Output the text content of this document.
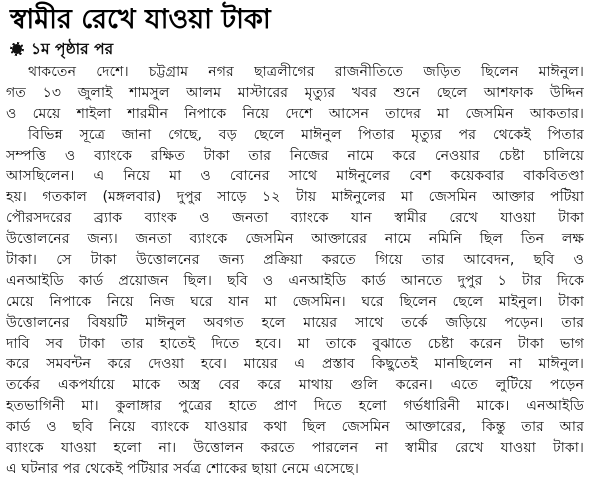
স্বামীর রেখে যাওয়া টাকা
১ম পৃষ্ঠার পর
থাকতেন দেশে। চট্টগ্রাম নগর ছাত্রলীগের রাজনীতিতে জড়িত ছিলেন মাঈনুল।
গত ১৩ জুলাই শামসুল আলম মাস্টারের মৃত্যুর খবর শুনে ছেলে আশফাক উদ্দিন
ও মেয়ে শাইলা শারমীন নিপাকে নিয়ে দেশে আসেন তাদের মা জেসমিন আকতার।
বিভিন্ন সূত্রে জানা গেছে, বড় ছেলে মাঈনুল পিতার মৃত্যুর পর থেকেই পিতার
সম্পত্তি ও ব্যাংকে রক্ষিত টাকা তার নিজের নামে করে নেওয়ার চেষ্টা চালিয়ে
আসছিলেন। এ নিয়ে মা ও বোনের সাথে মাঈনুলের বেশ কয়েকবার বাকবিতণ্ডা
হয়। গতকাল (মঙ্গলবার) দুপুর সাড়ে ১২ টায় মাঈনুলের মা জেসমিন আক্তার পটিয়া
পৌরসদরের ব্র্যাক ব্যাংক ও জনতা ব্যাংকে যান স্বামীর রেখে যাওয়া টাকা
উত্তোলনের জন্য। জনতা ব্যাংকে জেসমিন আক্তারের নামে নমিনি ছিল তিন লক্ষ
টাকা। সে টাকা উত্তোলনের জন্য প্রক্রিয়া করতে গিয়ে তার আবেদন, ছবি ও
এনআইডি কার্ড প্রয়োজন ছিল। ছবি ও এনআইডি কার্ড আনতে দুপুর ১ টার দিকে
মেয়ে নিপাকে নিয়ে নিজ ঘরে যান মা জেসমিন। ঘরে ছিলেন ছেলে মাইনুল। টাকা
উত্তোলনের বিষয়টি মাঈনুল অবগত হলে মায়ের সাথে তর্কে জড়িয়ে পড়েন। তার
দাবি সব টাকা তার হাতেই দিতে হবে। মা তাকে বুঝাতে চেষ্টা করেন টাকা ভাগ
করে সমবন্টন করে দেওয়া হবে। মায়ের এ প্রস্তাব কিছুতেই মানছিলেন না মাঈনুল।
তর্কের একপর্যায়ে মাকে অস্ত্র বের করে মাথায় গুলি করেন। এতে লুটিয়ে পড়েন
হতভাগিনী মা। কুলাঙ্গার পুত্রের হাতে প্রাণ দিতে হলো গর্ভধারিনী মাকে। এনআইডি
কার্ড ও ছবি নিয়ে ব্যাংকে যাওয়ার কথা ছিল জেসমিন আক্তারের, কিন্তু তার আর
ব্যাংকে যাওয়া হলো না। উত্তোলন করতে পারলেন না স্বামীর রেখে যাওয়া টাকা।
এ ঘটনার পর থেকেই পটিয়ার সর্বত্র শোকের ছায়া নেমে এসেছে।
